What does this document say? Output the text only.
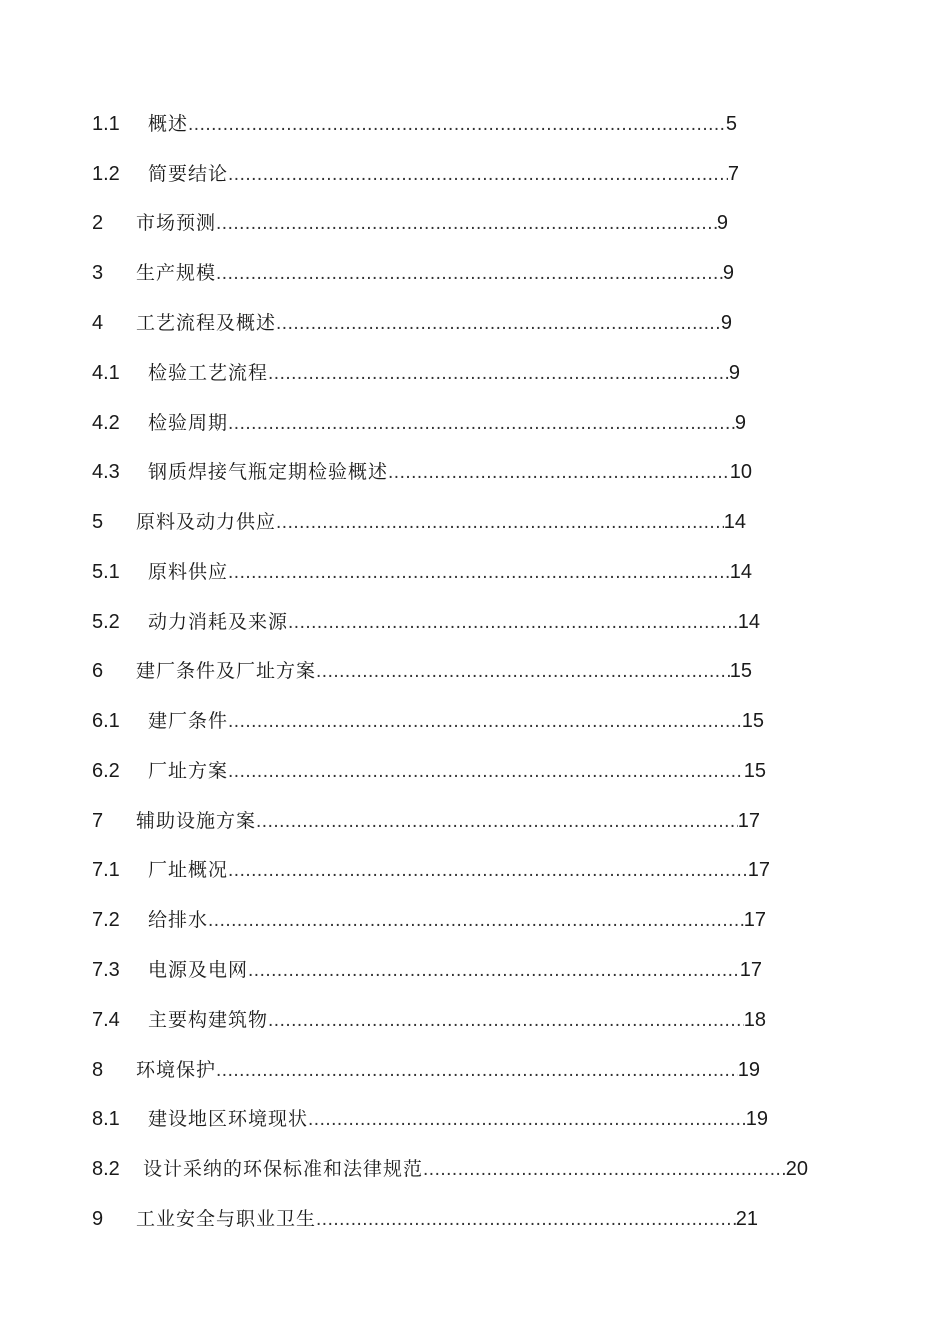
1.1 概述 .....	5
1.2 简要结论 .....	7
2 市场预测 .....	9
3 生产规模 .....	9
4 工艺流程及概述 .....	9
4.1 检验工艺流程 .....	9
4.2 检验周期 .....	9
4.3 钢质焊接气瓶定期检验概述 .....	10
5 原料及动力供应 .....	14
5.1 原料供应 .....	14
5.2 动力消耗及来源 .....	14
6 建厂条件及厂址方案 .....	15
6.1 建厂条件 .....	15
6.2 厂址方案 .....	15
7 辅助设施方案 .....	17
7.1 厂址概况 .....	17
7.2 给排水 .....	17
7.3 电源及电网 .....	17
7.4 主要构建筑物 .....	18
8 环境保护 .....	19
8.1 建设地区环境现状 .....	19
8.2 设计采纳的环保标准和法律规范 .....	20
9 工业安全与职业卫生 .....	21
